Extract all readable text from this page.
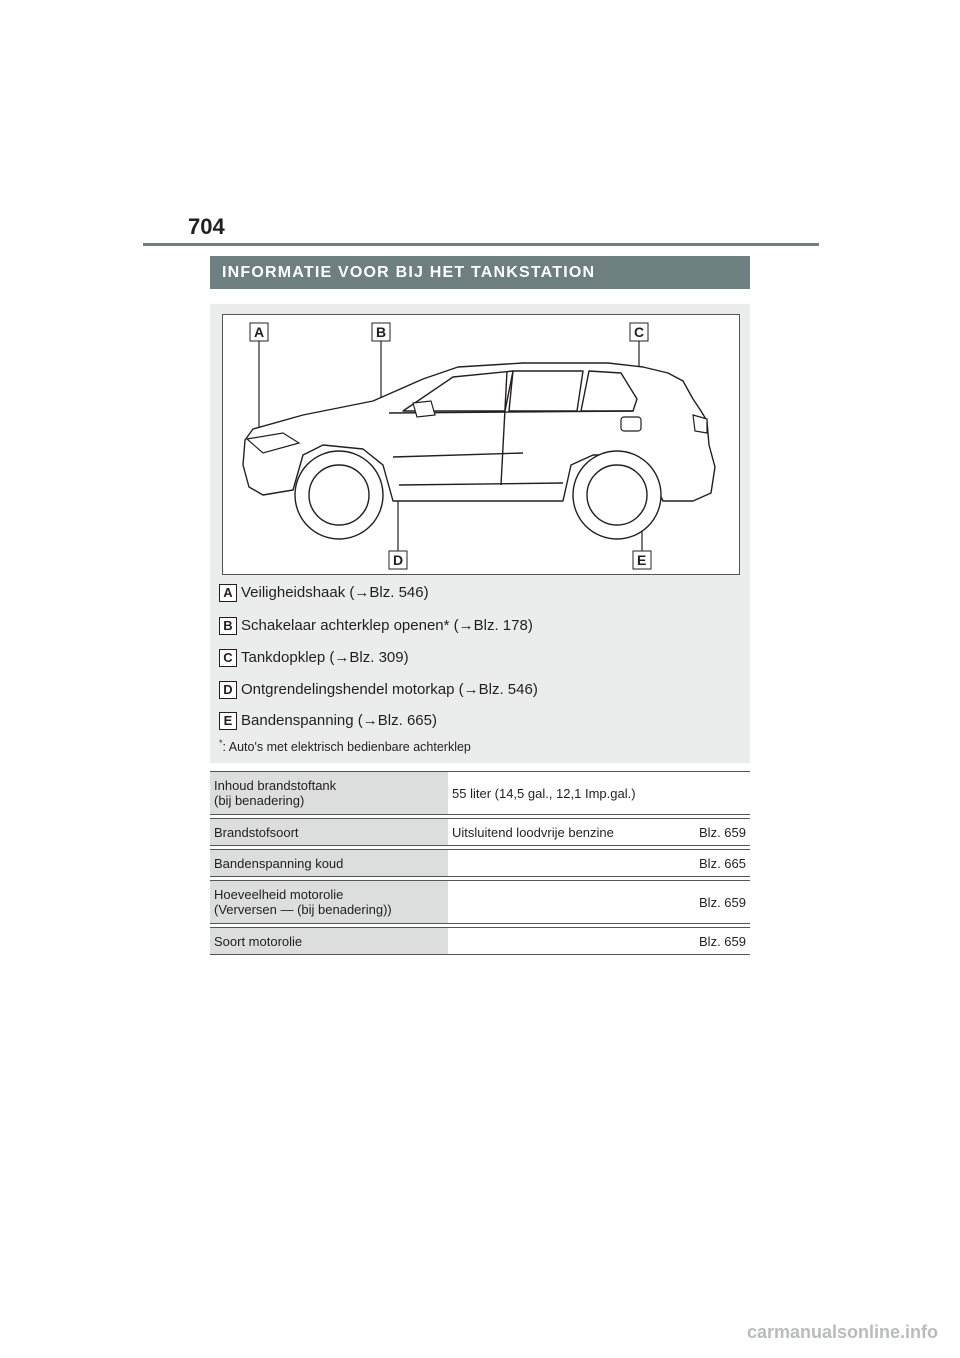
704
INFORMATIE VOOR BIJ HET TANKSTATION
A	B	C
D	E
A Veiligheidshaak (→Blz. 546)
B Schakelaar achterklep openen* (→Blz. 178)
C Tankdopklep (→Blz. 309)
D Ontgrendelingshendel motorkap (→Blz. 546)
E Bandenspanning (→Blz. 665)
*: Auto's met elektrisch bedienbare achterklep
Inhoud brandstoftank
(bij benadering)	55 liter (14,5 gal., 12,1 Imp.gal.)

Brandstofsoort	Uitsluitend loodvrije benzine Blz. 659

Bandenspanning koud	Blz. 665

Hoeveelheid motorolie
(Verversen — (bij benadering))	Blz. 659

Soort motorolie	Blz. 659
carmanualsonline.info
